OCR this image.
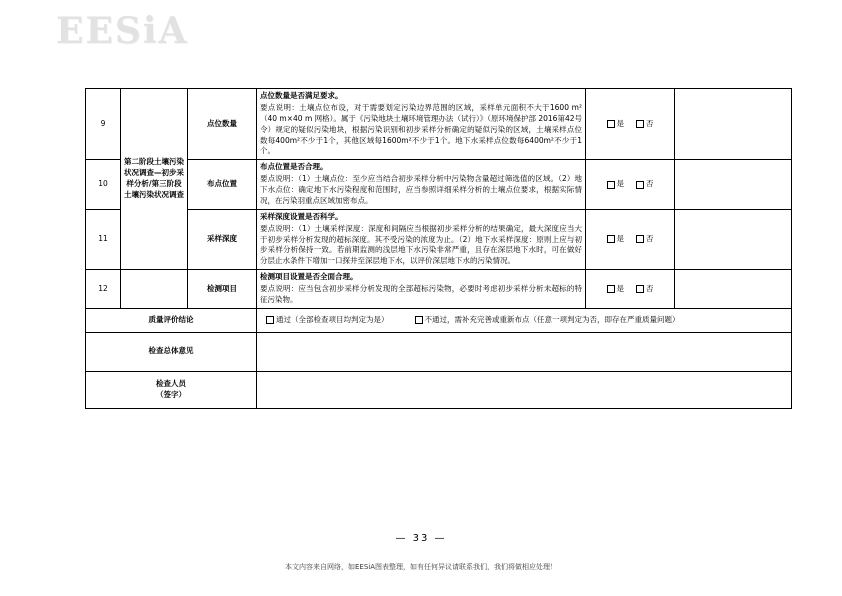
EESiA
9	第二阶段土壤污染状况调查—初步采样分析/第三阶段土壤污染状况调查	点位数量	点位数量是否满足要求。
要点说明：土壤点位布设，对于需要划定污染边界范围的区域，采样单元面积不大于1600 m²（40 m×40 m 网格）。属于《污染地块土壤环境管理办法（试行）》（原环境保护部 2016第42号令）规定的疑似污染地块，根据污染识别和初步采样分析确定的疑似污染的区域，土壤采样点位数每400m²不少于1个，其他区域每1600m²不少于1个。地下水采样点位数每6400m²不少于1个。	是 否	

10		布点位置	布点位置是否合理。
要点说明：（1）土壤点位：至少应当结合初步采样分析中污染物含量超过筛选值的区域。（2）地下水点位：确定地下水污染程度和范围时，应当参照详细采样分析的土壤点位要求，根据实际情况，在污染羽重点区域加密布点。	是 否	

11		采样深度	采样深度设置是否科学。
要点说明：（1）土壤采样深度：深度和间隔应当根据初步采样分析的结果确定，最大深度应当大于初步采样分析发现的超标深度。其不受污染的浓度为止。（2）地下水采样深度：原则上应与初步采样分析保持一致。若前期监测的浅层地下水污染非常严重，且存在深层地下水时，可在做好分层止水条件下增加一口探井至深层地下水，以评价深层地下水的污染情况。	是 否	

12		检测项目	检测项目设置是否全面合理。
要点说明：应当包含初步采样分析发现的全部超标污染物，必要时考虑初步采样分析未超标的特征污染物。	是 否	

质量评价结论			通过（全部检查项目均判定为是） 不通过，需补充完善或重新布点（任意一项判定为否，即存在严重质量问题）		

检查总体意见					

检查人员
（签字）					

— 33 —
本文内容来自网络，如EESiA图表整理，如有任何异议请联系我们，我们将做相应处理！
